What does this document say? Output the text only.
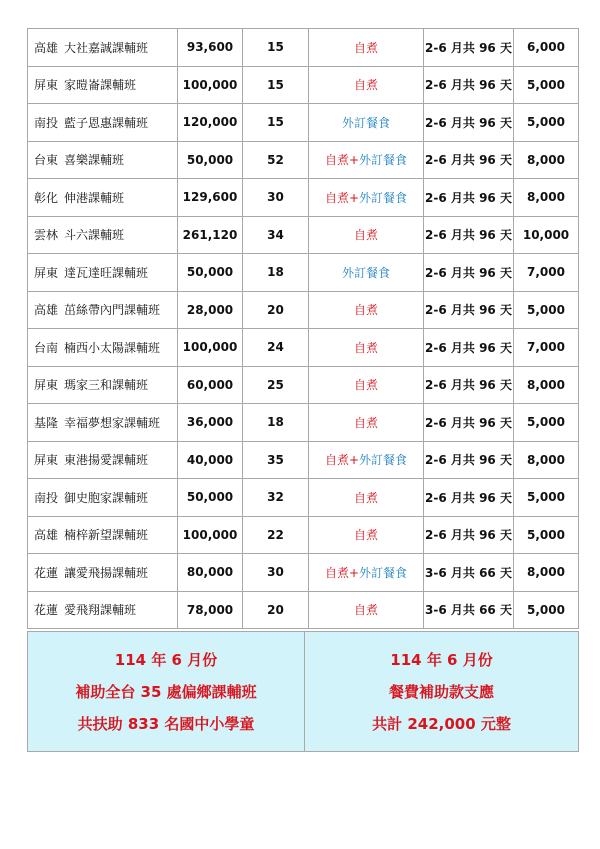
高雄 大社嘉誠課輔班	93,600	15	自煮	2-6 月共 96 天	6,000
屏東 家暟崙課輔班	100,000	15	自煮	2-6 月共 96 天	5,000
南投 藍子恩惠課輔班	120,000	15	外訂餐食	2-6 月共 96 天	5,000
台東 喜樂課輔班	50,000	52	自煮+外訂餐食	2-6 月共 96 天	8,000
彰化 伸港課輔班	129,600	30	自煮+外訂餐食	2-6 月共 96 天	8,000
雲林 斗六課輔班	261,120	34	自煮	2-6 月共 96 天	10,000
屏東 達瓦達旺課輔班	50,000	18	外訂餐食	2-6 月共 96 天	7,000
高雄 茁絲帶內門課輔班	28,000	20	自煮	2-6 月共 96 天	5,000
台南 楠西小太陽課輔班	100,000	24	自煮	2-6 月共 96 天	7,000
屏東 瑪家三和課輔班	60,000	25	自煮	2-6 月共 96 天	8,000
基隆 幸福夢想家課輔班	36,000	18	自煮	2-6 月共 96 天	5,000
屏東 東港揚愛課輔班	40,000	35	自煮+外訂餐食	2-6 月共 96 天	8,000
南投 御史胞家課輔班	50,000	32	自煮	2-6 月共 96 天	5,000
高雄 楠梓新望課輔班	100,000	22	自煮	2-6 月共 96 天	5,000
花蓮 讓愛飛揚課輔班	80,000	30	自煮+外訂餐食	3-6 月共 66 天	8,000
花蓮 愛飛翔課輔班	78,000	20	自煮	3-6 月共 66 天	5,000
114 年 6 月份
補助全台 35 處偏鄉課輔班
共扶助 833 名國中小學童

114 年 6 月份
餐費補助款支應
共計 242,000 元整
